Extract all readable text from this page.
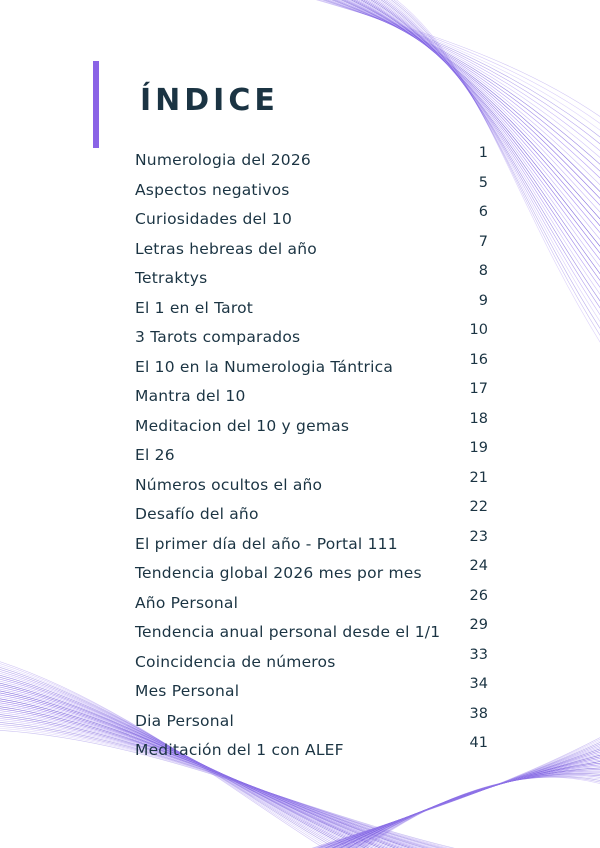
ÍNDICE
Numerologia del 2026	1
Aspectos negativos	5
Curiosidades del 10	6
Letras hebreas del año	7
Tetraktys	8
El 1 en el Tarot	9
3 Tarots comparados	10
El 10 en la Numerologia Tántrica	16
Mantra del 10	17
Meditacion del 10 y gemas	18
El 26	19
Números ocultos el año	21
Desafío del año	22
El primer día del año - Portal 111	23
Tendencia global 2026 mes por mes	24
Año Personal	26
Tendencia anual personal desde el 1/1	29
Coincidencia de números	33
Mes Personal	34
Dia Personal	38
Meditación del 1 con ALEF	41
